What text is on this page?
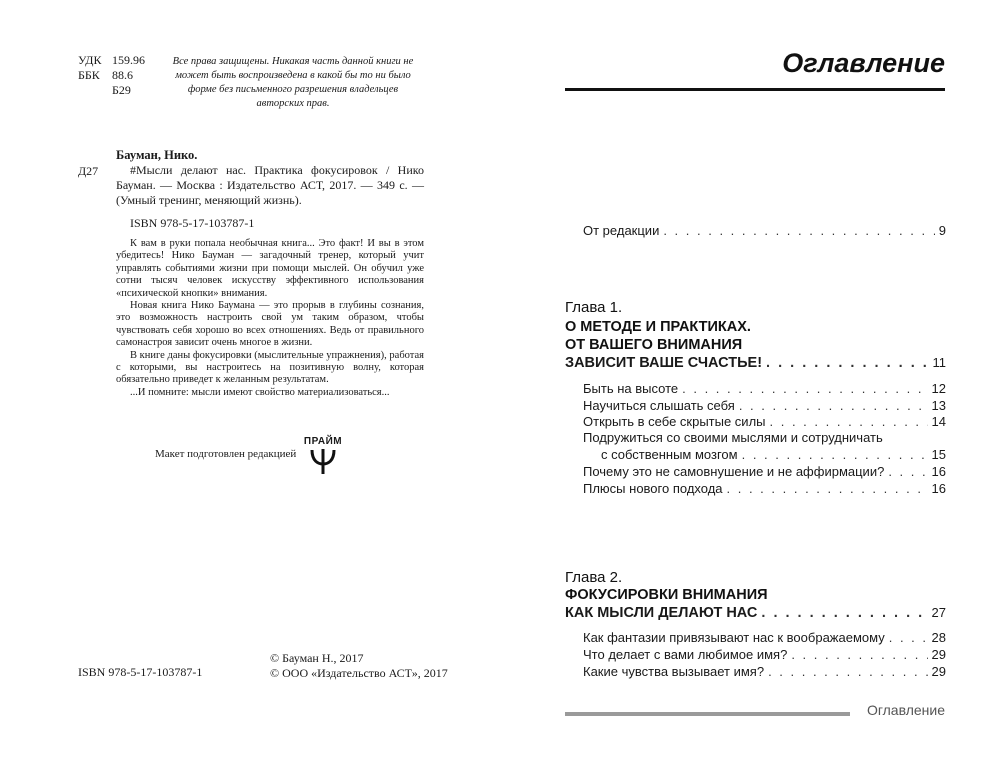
УДК 159.96
ББК 88.6
Б29
Все права защищены. Никакая часть данной книги не может быть воспроизведена в какой бы то ни было форме без письменного разрешения владельцев авторских прав.
Бауман, Нико.
Д27	#Мысли делают нас. Практика фокусировок / Нико Бауман. — Москва : Издательство АСТ, 2017. — 349 с. — (Умный тренинг, меняющий жизнь).
ISBN 978-5-17-103787-1

К вам в руки попала необычная книга... Это факт! И вы в этом убедитесь! Нико Бауман — загадочный тренер, который учит управлять событиями жизни при помощи мыслей. Он обучил уже сотни тысяч человек искусству эффективного использования «психической кнопки» внимания.

Новая книга Нико Баумана — это прорыв в глубины сознания, это возможность настроить свой ум таким образом, чтобы чувствовать себя хорошо во всех отношениях. Ведь от правильного самонастроя зависит очень многое в жизни.

В книге даны фокусировки (мыслительные упражнения), работая с которыми, вы настроитесь на позитивную волну, которая обязательно приведет к желанным результатам.

...И помните: мысли имеют свойство материализоваться...

Макет подготовлен редакцией
ПРАЙМ
ISBN 978-5-17-103787-1
© Бауман Н., 2017
© ООО «Издательство АСТ», 2017
Оглавление
От редакции . . .	9
Глава 1.
О МЕТОДЕ И ПРАКТИКАХ.
ОТ ВАШЕГО ВНИМАНИЯ
ЗАВИСИТ ВАШЕ СЧАСТЬЕ! . . .	11
Быть на высоте . . .	12
Научиться слышать себя . . .	13
Открыть в себе скрытые силы . . .	14
Подружиться со своими мыслями и сотрудничать
с собственным мозгом . . .	15
Почему это не самовнушение и не аффирмации? . . .	16
Плюсы нового подхода . . .	16
Глава 2.
ФОКУСИРОВКИ ВНИМАНИЯ
КАК МЫСЛИ ДЕЛАЮТ НАС . . .	27
Как фантазии привязывают нас к воображаемому . . .	28
Что делает с вами любимое имя? . . .	29
Какие чувства вызывает имя? . . .	29
Оглавление
